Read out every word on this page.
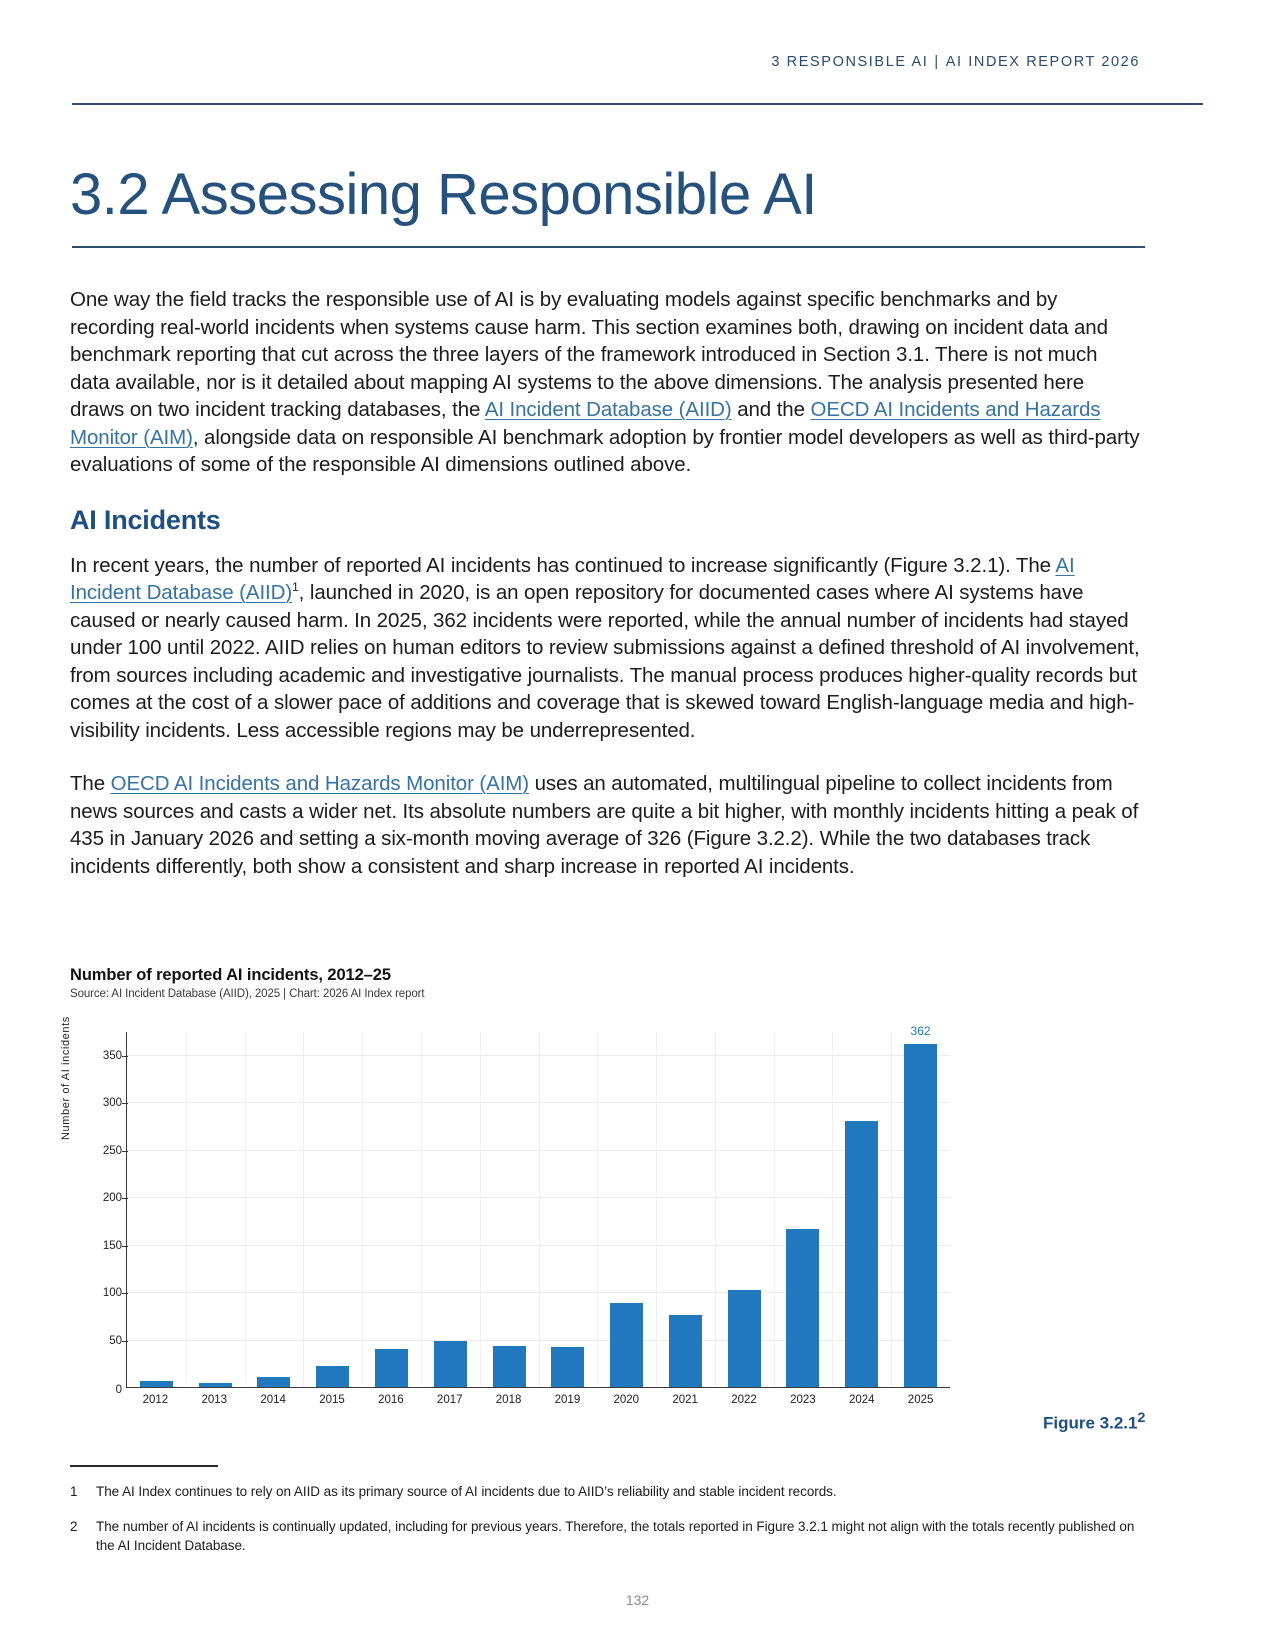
3 RESPONSIBLE AI | AI INDEX REPORT 2026
3.2 Assessing Responsible AI

One way the field tracks the responsible use of AI is by evaluating models against specific benchmarks and by recording real-world incidents when systems cause harm. This section examines both, drawing on incident data and benchmark reporting that cut across the three layers of the framework introduced in Section 3.1. There is not much data available, nor is it detailed about mapping AI systems to the above dimensions. The analysis presented here draws on two incident tracking databases, the AI Incident Database (AIID) and the OECD AI Incidents and Hazards Monitor (AIM), alongside data on responsible AI benchmark adoption by frontier model developers as well as third-party evaluations of some of the responsible AI dimensions outlined above.

AI Incidents

In recent years, the number of reported AI incidents has continued to increase significantly (Figure 3.2.1). The AI Incident Database (AIID)$^1$, launched in 2020, is an open repository for documented cases where AI systems have caused or nearly caused harm. In 2025, 362 incidents were reported, while the annual number of incidents had stayed under 100 until 2022. AIID relies on human editors to review submissions against a defined threshold of AI involvement, from sources including academic and investigative journalists. The manual process produces higher-quality records but comes at the cost of a slower pace of additions and coverage that is skewed toward English-language media and high-visibility incidents. Less accessible regions may be underrepresented.

The OECD AI Incidents and Hazards Monitor (AIM) uses an automated, multilingual pipeline to collect incidents from news sources and casts a wider net. Its absolute numbers are quite a bit higher, with monthly incidents hitting a peak of 435 in January 2026 and setting a six-month moving average of 326 (Figure 3.2.2). While the two databases track incidents differently, both show a consistent and sharp increase in reported AI incidents.

Number of reported AI incidents, 2012–25
Source: AI Incident Database (AIID), 2025 | Chart: 2026 AI Index report
Number of AI incidents
50
100
150
200
250
300
350
0
362
2012	2013	2014	2015	2016	2017	2018	2019	2020	2021	2022	2023	2024	2025
Figure 3.2.1$^2$
1	The AI Index continues to rely on AIID as its primary source of AI incidents due to AIID’s reliability and stable incident records.
2	The number of AI incidents is continually updated, including for previous years. Therefore, the totals reported in Figure 3.2.1 might not align with the totals recently published on the AI Incident Database.
132
